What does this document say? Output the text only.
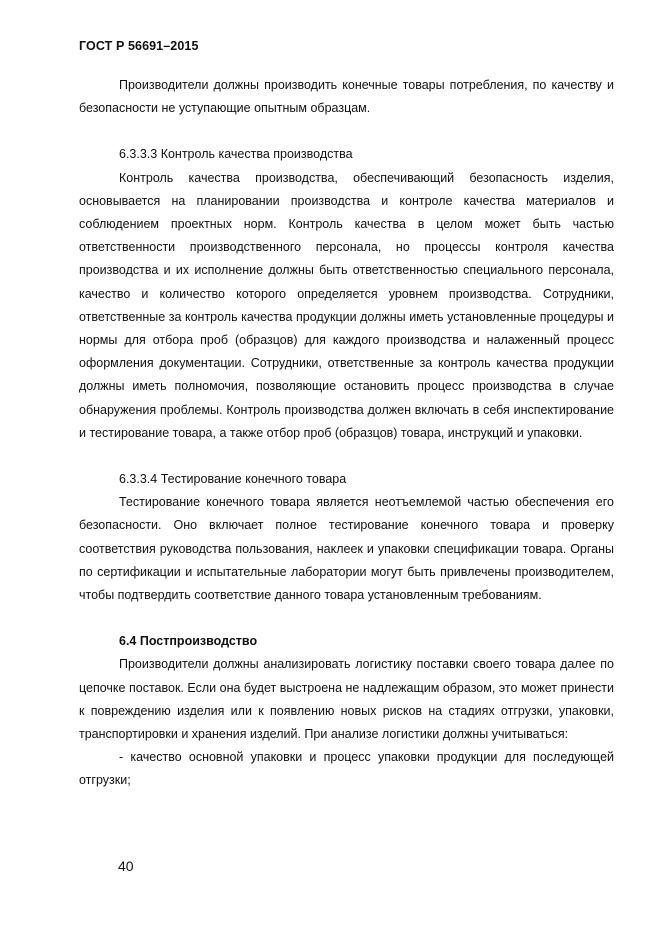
ГОСТ Р 56691–2015

Производители должны производить конечные товары потребления, по качеству и безопасности не уступающие опытным образцам.

6.3.3.3 Контроль качества производства

Контроль качества производства, обеспечивающий безопасность изделия, основывается на планировании производства и контроле качества материалов и соблюдением проектных норм. Контроль качества в целом может быть частью ответственности производственного персонала, но процессы контроля качества производства и их исполнение должны быть ответственностью специального персонала, качество и количество которого определяется уровнем производства. Сотрудники, ответственные за контроль качества продукции должны иметь установленные процедуры и нормы для отбора проб (образцов) для каждого производства и налаженный процесс оформления документации. Сотрудники, ответственные за контроль качества продукции должны иметь полномочия, позволяющие остановить процесс производства в случае обнаружения проблемы. Контроль производства должен включать в себя инспектирование и тестирование товара, а также отбор проб (образцов) товара, инструкций и упаковки.

6.3.3.4 Тестирование конечного товара

Тестирование конечного товара является неотъемлемой частью обеспечения его безопасности. Оно включает полное тестирование конечного товара и проверку соответствия руководства пользования, наклеек и упаковки спецификации товара. Органы по сертификации и испытательные лаборатории могут быть привлечены производителем, чтобы подтвердить соответствие данного товара установленным требованиям.

6.4 Постпроизводство

Производители должны анализировать логистику поставки своего товара далее по цепочке поставок. Если она будет выстроена не надлежащим образом, это может принести к повреждению изделия или к появлению новых рисков на стадиях отгрузки, упаковки, транспортировки и хранения изделий. При анализе логистики должны учитываться:

- качество основной упаковки и процесс упаковки продукции для последующей отгрузки;

40
